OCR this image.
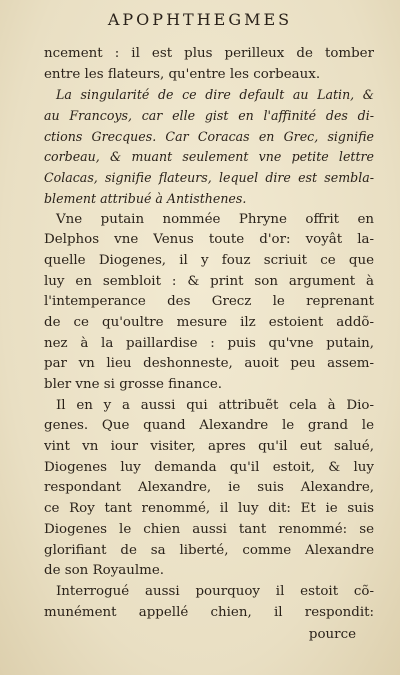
APOPHTHEGMES
ncement : il est plus perilleux de tomber
entre les flateurs, qu'entre les corbeaux.
La singularité de ce dire default au Latin, &
au Francoys, car elle gist en l'affinité des di-
ctions Grecques. Car Coracas en Grec, signifie
corbeau, & muant seulement vne petite lettre
Colacas, signifie flateurs, lequel dire est sembla-
blement attribué à Antisthenes.
Vne putain nommée Phryne offrit en
Delphos vne Venus toute d'or: voyât la-
quelle Diogenes, il y fouz scriuit ce que
luy en sembloit : & print son argument à
l'intemperance des Grecz le reprenant
de ce qu'oultre mesure ilz estoient addõ-
nez à la paillardise : puis qu'vne putain,
par vn lieu deshonneste, auoit peu assem-
bler vne si grosse finance.
Il en y a aussi qui attribuẽt cela à Dio-
genes. Que quand Alexandre le grand le
vint vn iour visiter, apres qu'il eut salué,
Diogenes luy demanda qu'il estoit, & luy
respondant Alexandre, ie suis Alexandre,
ce Roy tant renommé, il luy dit: Et ie suis
Diogenes le chien aussi tant renommé: se
glorifiant de sa liberté, comme Alexandre
de son Royaulme.
Interrogué aussi pourquoy il estoit cõ-
munément appellé chien, il respondit:
pource
